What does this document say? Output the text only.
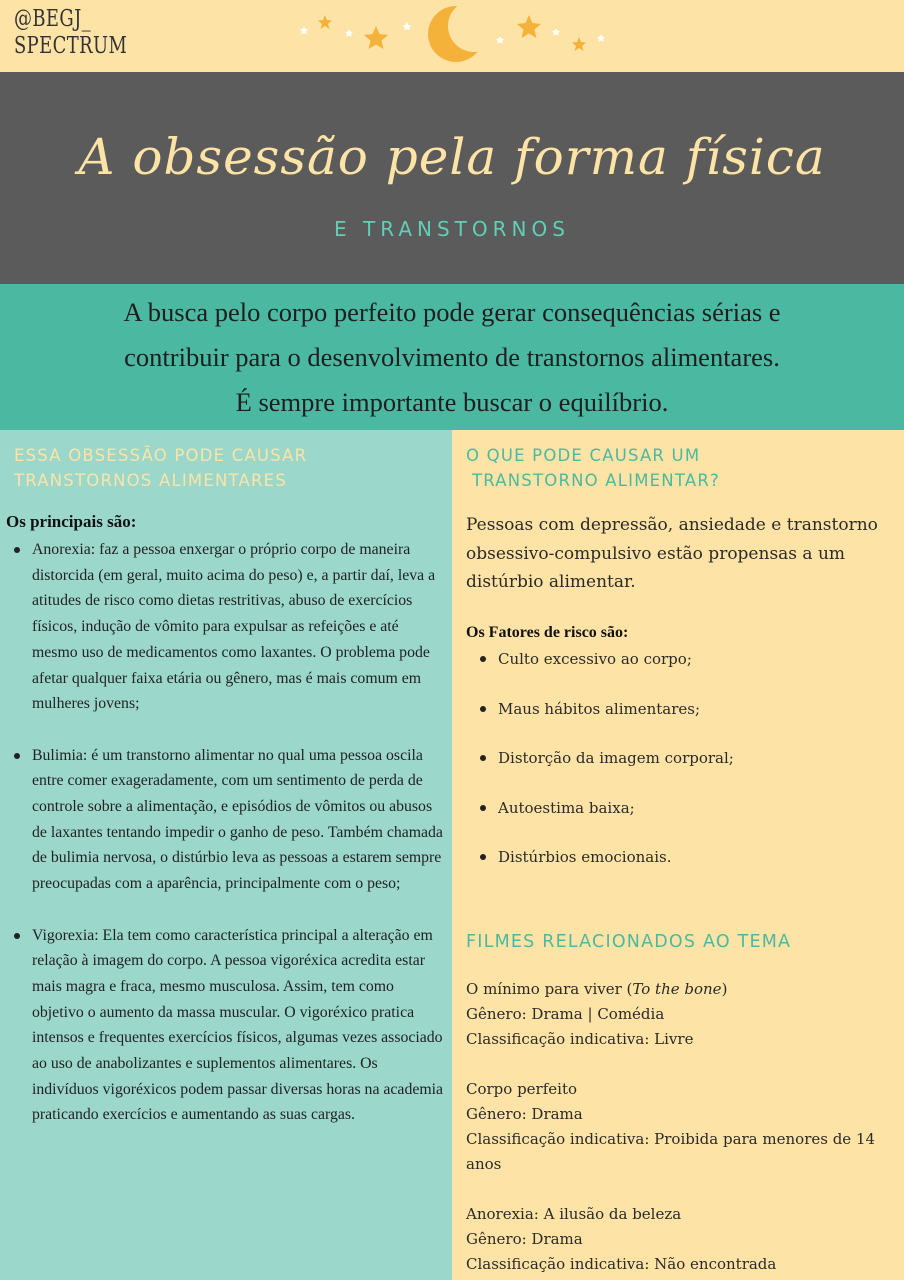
@BEGJ_
SPECTRUM
A obsessão pela forma física
E TRANSTORNOS
A busca pelo corpo perfeito pode gerar consequências sérias e
contribuir para o desenvolvimento de transtornos alimentares.
É sempre importante buscar o equilíbrio.
ESSA OBSESSÃO PODE CAUSAR
TRANSTORNOS ALIMENTARES
Os principais são:
Anorexia: faz a pessoa enxergar o próprio corpo de maneira distorcida (em geral, muito acima do peso) e, a partir daí, leva a atitudes de risco como dietas restritivas, abuso de exercícios físicos, indução de vômito para expulsar as refeições e até mesmo uso de medicamentos como laxantes. O problema pode afetar qualquer faixa etária ou gênero, mas é mais comum em mulheres jovens;
Bulimia: é um transtorno alimentar no qual uma pessoa oscila entre comer exageradamente, com um sentimento de perda de controle sobre a alimentação, e episódios de vômitos ou abusos de laxantes tentando impedir o ganho de peso. Também chamada de bulimia nervosa, o distúrbio leva as pessoas a estarem sempre preocupadas com a aparência, principalmente com o peso;
Vigorexia: Ela tem como característica principal a alteração em relação à imagem do corpo. A pessoa vigoréxica acredita estar mais magra e fraca, mesmo musculosa. Assim, tem como objetivo o aumento da massa muscular. O vigoréxico pratica intensos e frequentes exercícios físicos, algumas vezes associado ao uso de anabolizantes e suplementos alimentares. Os indivíduos vigoréxicos podem passar diversas horas na academia praticando exercícios e aumentando as suas cargas.
O QUE PODE CAUSAR UM
TRANSTORNO ALIMENTAR?
Pessoas com depressão, ansiedade e transtorno obsessivo-compulsivo estão propensas a um distúrbio alimentar.
Os Fatores de risco são:
Culto excessivo ao corpo;
Maus hábitos alimentares;
Distorção da imagem corporal;
Autoestima baixa;
Distúrbios emocionais.
FILMES RELACIONADOS AO TEMA
O mínimo para viver (To the bone)
Gênero: Drama | Comédia
Classificação indicativa: Livre
Corpo perfeito
Gênero: Drama
Classificação indicativa: Proibida para menores de 14 anos
Anorexia: A ilusão da beleza
Gênero: Drama
Classificação indicativa: Não encontrada
